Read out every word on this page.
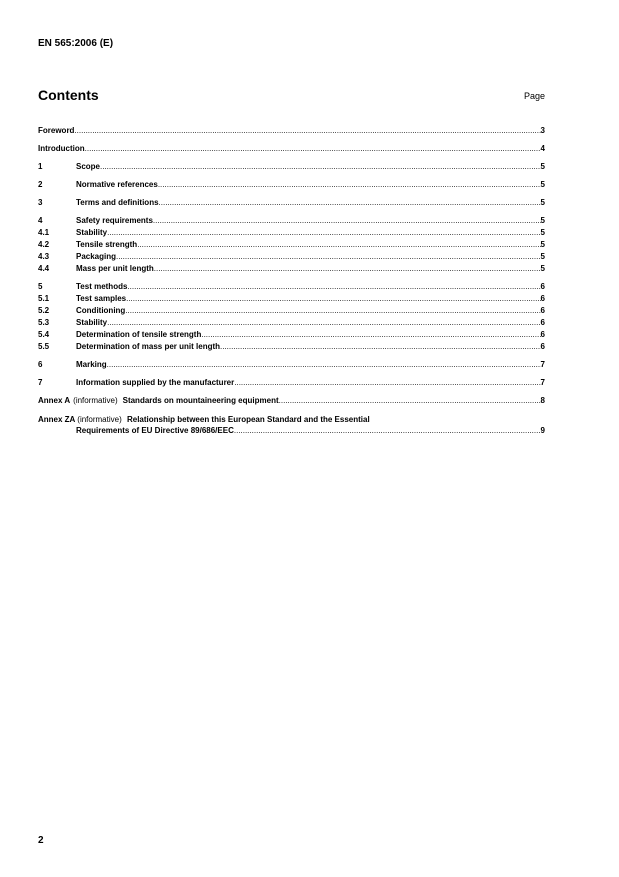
EN 565:2006 (E)
Contents	Page
Foreword .....	3
Introduction .....	4
1	Scope .....	5
2	Normative references .....	5
3	Terms and definitions .....	5
4	Safety requirements .....	5
4.1	Stability .....	5
4.2	Tensile strength .....	5
4.3	Packaging .....	5
4.4	Mass per unit length .....	5
5	Test methods .....	6
5.1	Test samples .....	6
5.2	Conditioning .....	6
5.3	Stability .....	6
5.4	Determination of tensile strength .....	6
5.5	Determination of mass per unit length .....	6
6	Marking .....	7
7	Information supplied by the manufacturer .....	7
Annex A (informative) Standards on mountaineering equipment .....	8
Annex ZA (informative) Relationship between this European Standard and the Essential
Requirements of EU Directive 89/686/EEC .....	9
2
